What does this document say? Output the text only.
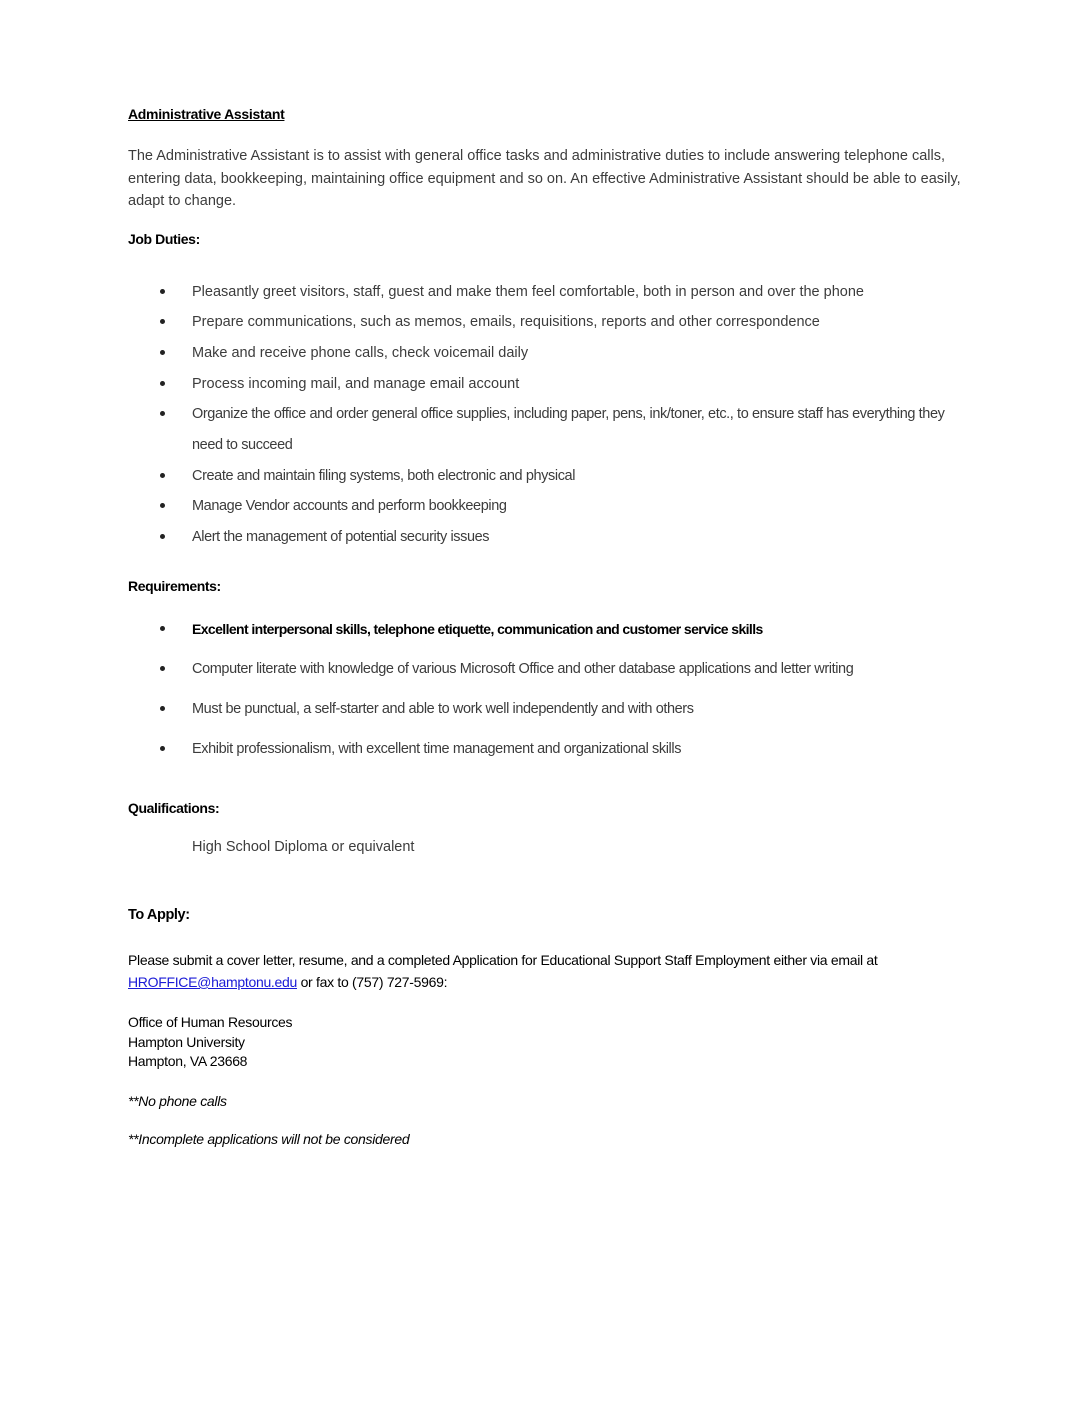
Administrative Assistant
The Administrative Assistant is to assist with general office tasks and administrative duties to include answering telephone calls, entering data, bookkeeping, maintaining office equipment and so on. An effective Administrative Assistant should be able to easily, adapt to change.
Job Duties:
Pleasantly greet visitors, staff, guest and make them feel comfortable, both in person and over the phone
Prepare communications, such as memos, emails, requisitions, reports and other correspondence
Make and receive phone calls, check voicemail daily
Process incoming mail, and manage email account
Organize the office and order general office supplies, including paper, pens, ink/toner, etc., to ensure staff has everything they need to succeed
Create and maintain filing systems, both electronic and physical
Manage Vendor accounts and perform bookkeeping
Alert the management of potential security issues
Requirements:
Excellent interpersonal skills, telephone etiquette, communication and customer service skills
Computer literate with knowledge of various Microsoft Office and other database applications and letter writing
Must be punctual, a self-starter and able to work well independently and with others
Exhibit professionalism, with excellent time management and organizational skills
Qualifications:
High School Diploma or equivalent
To Apply:
Please submit a cover letter, resume, and a completed Application for Educational Support Staff Employment either via email at
HROFFICE@hamptonu.edu or fax to (757) 727-5969:
Office of Human Resources
Hampton University
Hampton, VA 23668
**No phone calls
**Incomplete applications will not be considered
